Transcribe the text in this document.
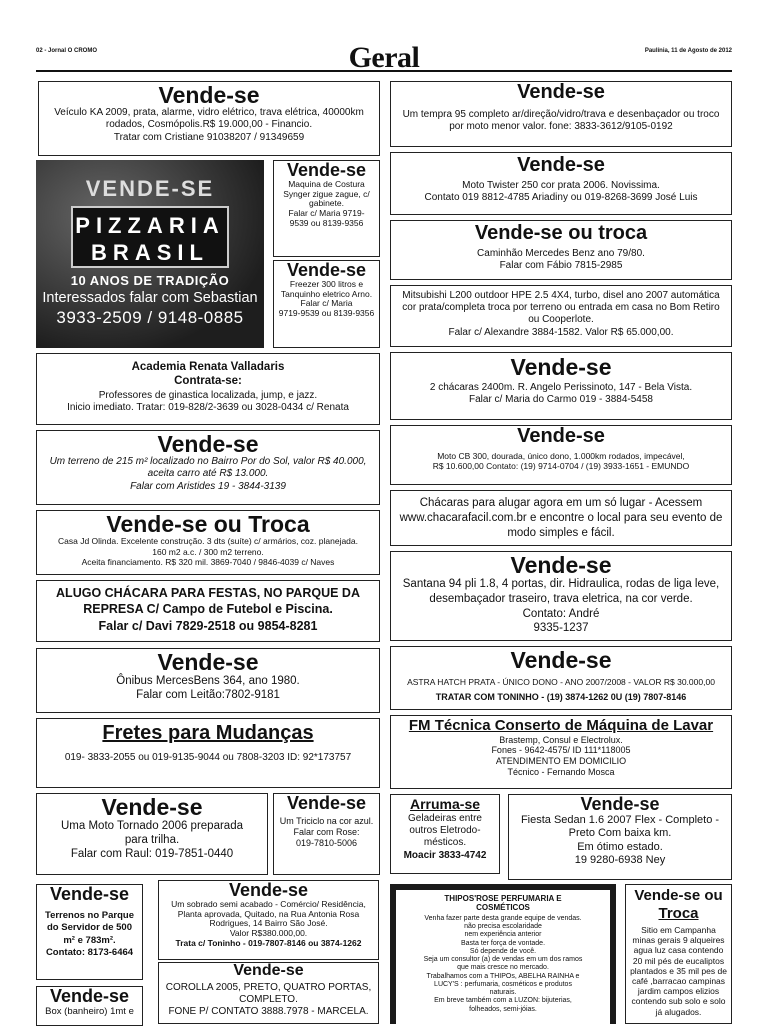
02 - Jornal O CROMO	Geral	Paulínia, 11 de Agosto de 2012
Vende-se
Veículo KA 2009, prata, alarme, vidro elétrico, trava elétrica, 40000km
rodados, Cosmópolis.R$ 19.000,00 - Financio.
Tratar com Cristiane 91038207 / 91349659
VENDE-SE
PIZZARIA
BRASIL
10 ANOS DE TRADIÇÃO
Interessados falar com Sebastian
3933-2509 / 9148-0885
Vende-se
Maquina de Costura
Synger zigue zague, c/
gabinete.
Falar c/ Maria 9719-
9539 ou 8139-9356
Vende-se
Freezer 300 litros e
Tanquinho eletrico Arno.
Falar c/ Maria
9719-9539 ou 8139-9356
Academia Renata Valladaris
Contrata-se:
Professores de ginastica localizada, jump, e jazz.
Inicio imediato. Tratar: 019-828/2-3639 ou 3028-0434 c/ Renata
Vende-se
Um terreno de 215 m² localizado no Bairro Por do Sol, valor R$ 40.000,
aceita carro até R$ 13.000.
Falar com Aristides 19 - 3844-3139
Vende-se ou Troca
Casa Jd Olinda. Excelente construção. 3 dts (suíte) c/ armários, coz. planejada.
160 m2 a.c. / 300 m2 terreno.
Aceita financiamento. R$ 320 mil. 3869-7040 / 9846-4039 c/ Naves
ALUGO CHÁCARA PARA FESTAS, NO PARQUE DA
REPRESA C/ Campo de Futebol e Piscina.
Falar c/ Davi 7829-2518 ou 9854-8281
Vende-se
Ônibus MercesBens 364, ano 1980.
Falar com Leitão:7802-9181
Fretes para Mudanças
019- 3833-2055 ou 019-9135-9044 ou 7808-3203 ID: 92*173757
Vende-se
Uma Moto Tornado 2006 preparada
para trilha.
Falar com Raul: 019-7851-0440
Vende-se
Um Triciclo na cor azul.
Falar com Rose:
019-7810-5006
Vende-se
Terrenos no Parque
do Servidor de 500
m² e 783m².
Contato: 8173-6464
Vende-se
Um sobrado semi acabado - Comércio/ Residência,
Planta aprovada, Quitado, na Rua Antonia Rosa
Rodrigues, 14 Bairro São José.
Valor R$380.000,00.
Trata c/ Toninho - 019-7807-8146 ou 3874-1262
Vende-se
COROLLA 2005, PRETO, QUATRO PORTAS,
COMPLETO.
FONE P/ CONTATO 3888.7978 - MARCELA.
Vende-se
Box (banheiro) 1mt e
Vende-se
Um tempra 95 completo ar/direção/vidro/trava e desenbaçador ou troco
por moto menor valor. fone: 3833-3612/9105-0192
Vende-se
Moto Twister 250 cor prata 2006. Novissima.
Contato 019 8812-4785 Ariadiny ou 019-8268-3699 José Luis
Vende-se ou troca
Caminhão Mercedes Benz ano 79/80.
Falar com Fábio 7815-2985
Mitsubishi L200 outdoor HPE 2.5 4X4, turbo, disel ano 2007 automática
cor prata/completa troca por terreno ou entrada em casa no Bom Retiro
ou Cooperlote.
Falar c/ Alexandre 3884-1582. Valor R$ 65.000,00.
Vende-se
2 chácaras 2400m. R. Angelo Perissinoto, 147 - Bela Vista.
Falar c/ Maria do Carmo 019 - 3884-5458
Vende-se
Moto CB 300, dourada, único dono, 1.000km rodados, impecável,
R$ 10.600,00 Contato: (19) 9714-0704 / (19) 3933-1651 - EMUNDO
Chácaras para alugar agora em um só lugar - Acessem
www.chacarafacil.com.br e encontre o local para seu evento de
modo simples e fácil.
Vende-se
Santana 94 pli 1.8, 4 portas, dir. Hidraulica, rodas de liga leve,
desembaçador traseiro, trava eletrica, na cor verde.
Contato: André
9335-1237
Vende-se
ASTRA HATCH PRATA - ÚNICO DONO - ANO 2007/2008 - VALOR R$ 30.000,00
TRATAR COM TONINHO - (19) 3874-1262 0U (19) 7807-8146
FM Técnica Conserto de Máquina de Lavar
Brastemp, Consul e Electrolux.
Fones - 9642-4575/ ID 111*118005
ATENDIMENTO EM DOMICILIO
Técnico - Fernando Mosca
Arruma-se
Geladeiras entre
outros Eletrodo-
mésticos.
Moacir 3833-4742
Vende-se
Fiesta Sedan 1.6 2007 Flex - Completo -
Preto Com baixa km.
Em ótimo estado.
19 9280-6938 Ney
THIPOS'ROSE PERFUMARIA E COSMÉTICOS
Venha fazer parte desta grande equipe de vendas.
não precisa escolaridade
nem experiência anterior
Basta ter força de vontade.
Só depende de você.
Seja um consultor (a) de vendas em um dos ramos
que mais cresce no mercado.
Trabalhamos com a THIPOs, ABELHA RAINHA e
LUCY'S : perfumaria, cosméticos e produtos
naturais.
Em breve também com a LUZON: bijuterias,
folheados, semi-jóias.
Vende-se ou
Troca
Sitio em Campanha
minas gerais 9 alqueires
agua luz casa contendo
20 mil pés de eucaliptos
plantados e 35 mil pes de
café ,barracao campinas
jardim campos elizios
contendo sub solo e solo
já alugados.
